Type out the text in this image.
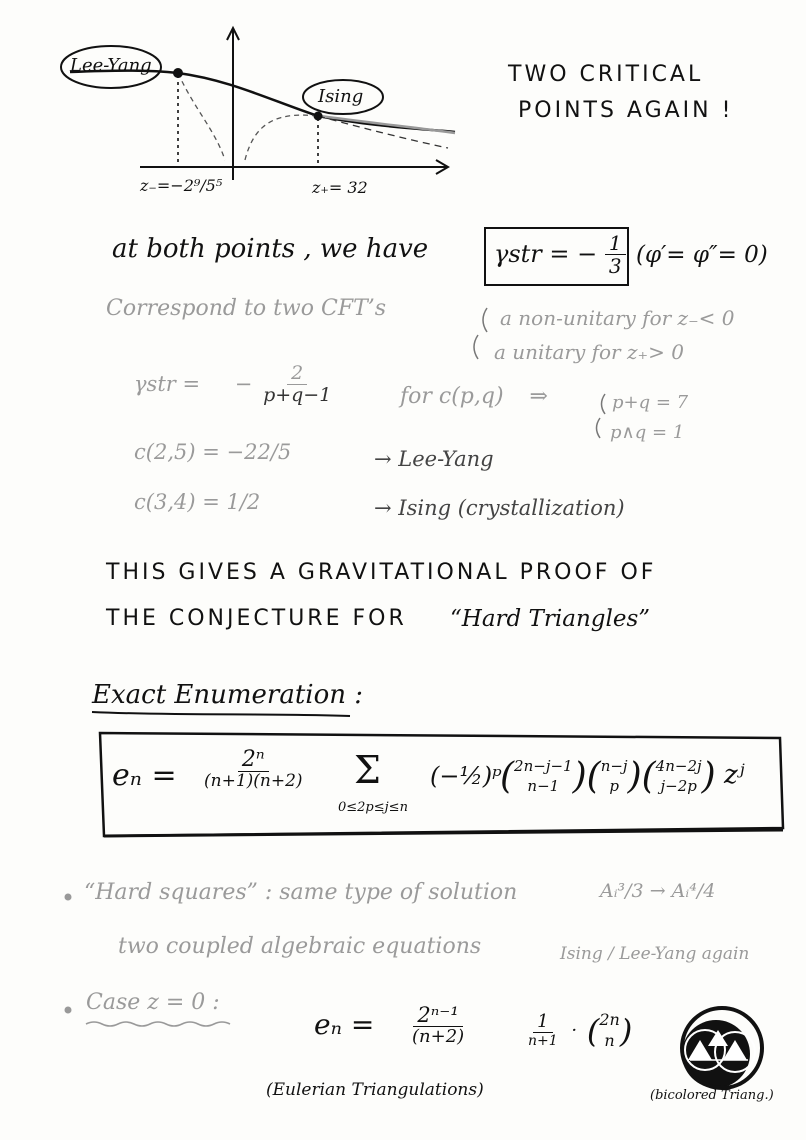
Lee-Yang
Ising
z₋=−2⁹/5⁵	z₊= 32
TWO CRITICAL
POINTS AGAIN !
at both points , we have	γstr = − $\frac{1}{3} (\varphi'= \varphi''= 0)$
Correspond to two CFT’s	a non-unitary for z₋< 0
a unitary for z₊> 0
γstr = − $\frac{2}{p+q-1}$	for c(p,q) ⇒	p+q = 7
p∧q = 1
c(2,5) = −22/5	→ Lee-Yang
c(3,4) = 1/2	→ Ising (crystallization)
THIS GIVES A GRAVITATIONAL PROOF OF
THE CONJECTURE FOR “Hard Triangles”
Exact Enumeration :
$e_n = \frac{\text{2ⁿ}}{(n+1)(n+2)}$ Σ
0≤2p≤j≤n
(−½)ᵖ
( 2n−j−1
n−1 )( n−j
p )( 4n−2j
j−2p ) zʲ
“Hard squares” : same type of solution	Aᵢ³/3 → Aᵢ⁴/4
two coupled algebraic equations	Ising / Lee-Yang again
Case z = 0 :
$e_n = \frac{\text{2ⁿ⁻¹}}{(n+2)}$	$\frac{1}{n+1}$ · ( 2n
n )
(Eulerian Triangulations)	(bicolored Triang.)
